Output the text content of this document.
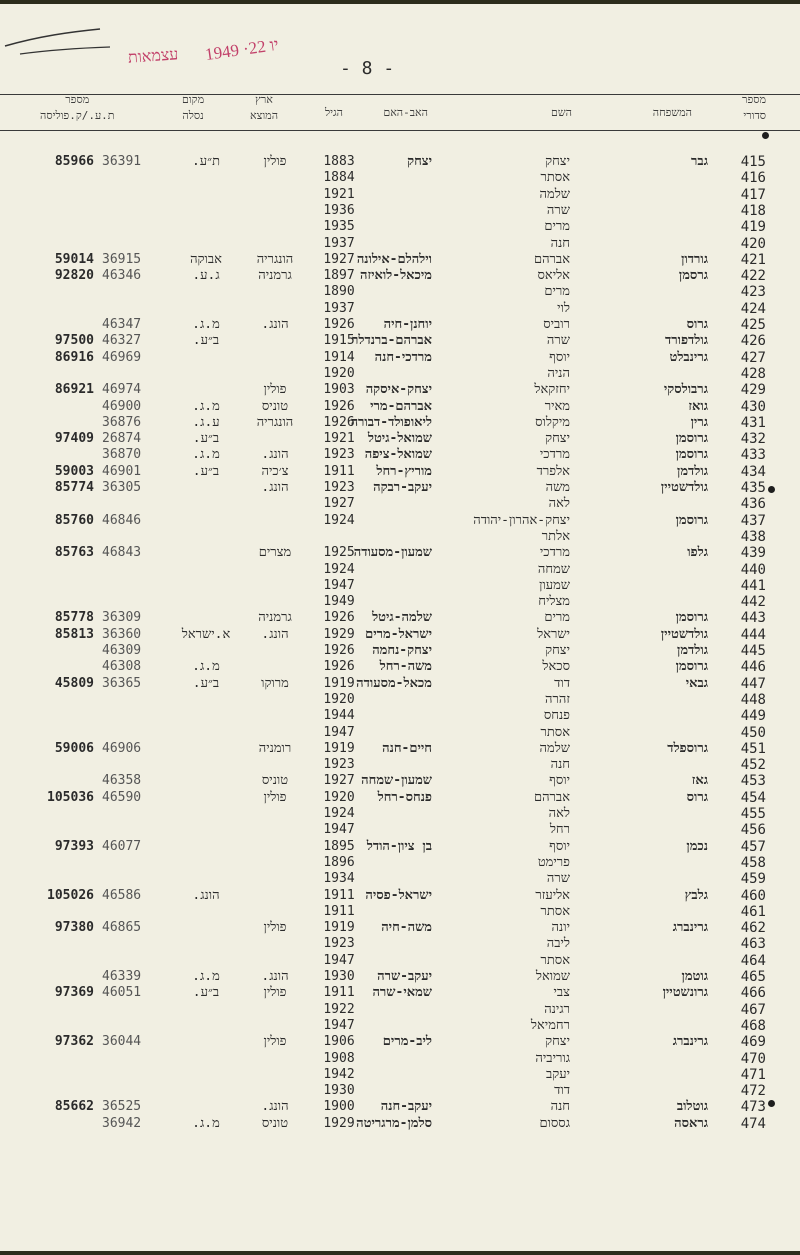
עצמאות 1949 ·יו 22
- 8 -
מספר
סדורי
המשפחה
השם
האב-האם
הגיל
ארץ
המוצא
מקום
נסלה
מספר
ת.ע./ק.פוליסה
415
גבר
יצחק
יצחק
1883
פולין
ת״ע.
36391
85966
416
אסתר
1884
417
שלמה
1921
418
שרה
1936
419
מרים
1935
420
חנה
1937
421
גורדון
אברהם
וילהלם-אילונה
1927
הונגריה
אבוקה
36915
59014
422
גרסמן
אליאס
מיכאל-לואיזה
1897
גרמניה
ג.ע.
46346
92820
423
מרים
1890
424
לוי
1937
425
גרוס
רוביס
יוחנן-חיה
1926
הונג.
מ.ג.
46347
426
גולדפורד
שרה
אברהם-ברנדלר
1915
ב״ע.
46327
97500
427
גרינבלט
יוסף
מרדכי-חנה
1914
46969
86916
428
הניה
1920
429
גרבולסקי
יחזקאל
יצחק-איסקה
1903
פולין
46974
86921
430
גואז
מאיר
אברהם-מרי
1926
טוניס
מ.ג.
46900
431
גרין
מיקלוס
ליאופולד-דבורה
1926
הונגריה
ע.ג.
36876
432
גרוסמן
יצחק
שמואל-גיטל
1921
ב״ע.
26874
97409
433
גרוסמן
מרדכי
שמואל-ציפה
1923
הונג.
מ.ג.
36870
434
גולדמן
אלפרד
מוריץ-רחל
1911
צ׳כיה
ב״ע.
46901
59003
435
גולדשטיין
משה
יעקב-רבקה
1923
הונג.
36305
85774
436
לאה
1927
437
גרוסמן
יצחק-אהרון-יהודה
1924
46846
85760
438
אלתר
439
גלפו
מרדכי
שמעון-מסעודה
1925
מצרים
46843
85763
440
שמחה
1924
441
שמעון
1947
442
מצליח
1949
443
גרוסמן
מרים
שלמה-גיטל
1926
גרמניה
36309
85778
444
גולדשטיין
ישראל
ישראל-מרים
1929
הונג.
א.ישראל
36360
85813
445
גולדמן
יצחק
יצחק-נחמה
1926
46309
446
גרוסמן
סכאל
משה-רחל
1926
מ.ג.
46308
447
גבאי
דוד
מכאל-מסעודה
1919
מרוקו
ב״ע.
36365
45809
448
זהרה
1920
449
פנחס
1944
450
אסתר
1947
451
גרוספלד
שלמה
חיים-חנה
1919
רומניה
46906
59006
452
חנה
1923
453
גאז
יוסף
שמעון-שמחה
1927
טוניס
46358
454
גרוס
אברהם
פנחס-רחל
1920
פולין
46590
105036
455
לאה
1924
456
רחל
1947
457
נכמן
יוסף
בן ציון-הודל
1895
46077
97393
458
פרימט
1896
459
שרה
1934
460
גלבץ
אליעזר
ישראל-פסיה
1911
הונג.
46586
105026
461
אסתר
1911
462
גרינברג
יונה
משה-חיה
1919
פולין
46865
97380
463
ליבה
1923
464
אסתר
1947
465
גוטמן
שמואל
יעקב-שרה
1930
הונג.
מ.ג.
46339
466
גרונשטיין
צבי
שמאי-שרה
1911
פולין
ב״ע.
46051
97369
467
רגינה
1922
468
רחמיאל
1947
469
גרינברג
יצחק
ליב-מרים
1906
פולין
36044
97362
470
גוריביה
1908
471
יעקב
1942
472
דוד
1930
473
גוטלוב
חנה
יעקב-חנה
1900
הונג.
36525
85662
474
גראסה
גססום
סלמן-מרגריטה
1929
טוניס
מ.ג.
36942
